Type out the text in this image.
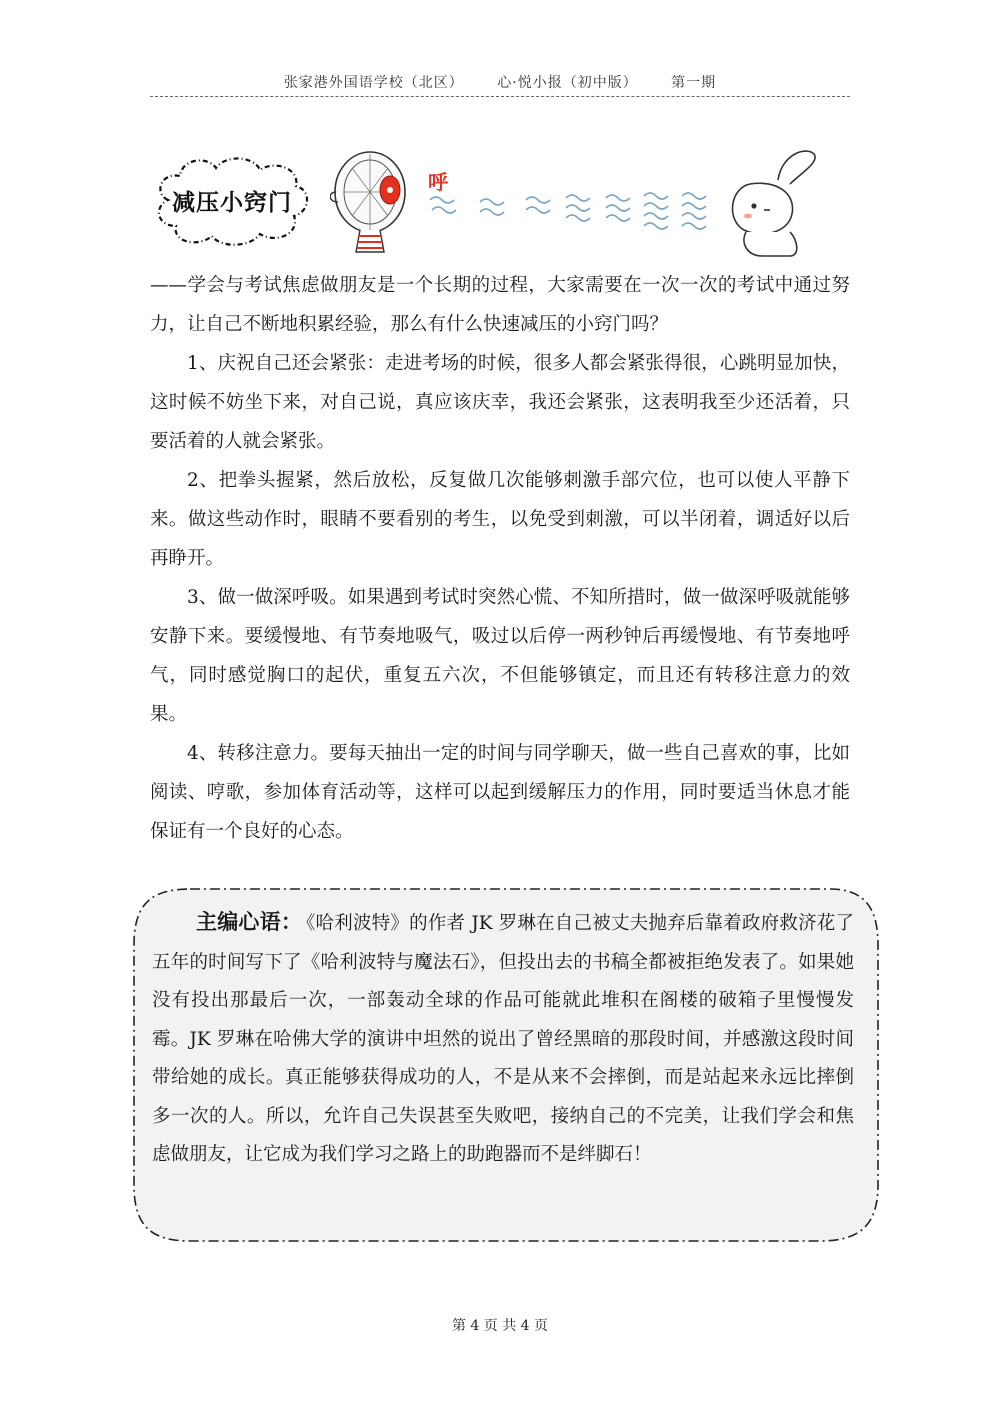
张家港外国语学校（北区） 心·悦小报（初中版） 第一期
减压小窍门
呼

——学会与考试焦虑做朋友是一个长期的过程，大家需要在一次一次的考试中通过努力，让自己不断地积累经验，那么有什么快速减压的小窍门吗？

1、庆祝自己还会紧张：走进考场的时候，很多人都会紧张得很，心跳明显加快，这时候不妨坐下来，对自己说，真应该庆幸，我还会紧张，这表明我至少还活着，只要活着的人就会紧张。

2、把拳头握紧，然后放松，反复做几次能够刺激手部穴位，也可以使人平静下来。做这些动作时，眼睛不要看别的考生，以免受到刺激，可以半闭着，调适好以后再睁开。

3、做一做深呼吸。如果遇到考试时突然心慌、不知所措时，做一做深呼吸就能够安静下来。要缓慢地、有节奏地吸气，吸过以后停一两秒钟后再缓慢地、有节奏地呼气，同时感觉胸口的起伏，重复五六次，不但能够镇定，而且还有转移注意力的效果。

4、转移注意力。要每天抽出一定的时间与同学聊天，做一些自己喜欢的事，比如阅读、哼歌，参加体育活动等，这样可以起到缓解压力的作用，同时要适当休息才能保证有一个良好的心态。

主编心语： 《哈利波特》的作者 JK 罗琳在自己被丈夫抛弃后靠着政府救济花了五年的时间写下了《哈利波特与魔法石》，但投出去的书稿全都被拒绝发表了。如果她没有投出那最后一次，一部轰动全球的作品可能就此堆积在阁楼的破箱子里慢慢发霉。JK 罗琳在哈佛大学的演讲中坦然的说出了曾经黑暗的那段时间，并感激这段时间带给她的成长。真正能够获得成功的人，不是从来不会摔倒，而是站起来永远比摔倒多一次的人。所以，允许自己失误甚至失败吧，接纳自己的不完美，让我们学会和焦虑做朋友，让它成为我们学习之路上的助跑器而不是绊脚石！
第 4 页 共 4 页
